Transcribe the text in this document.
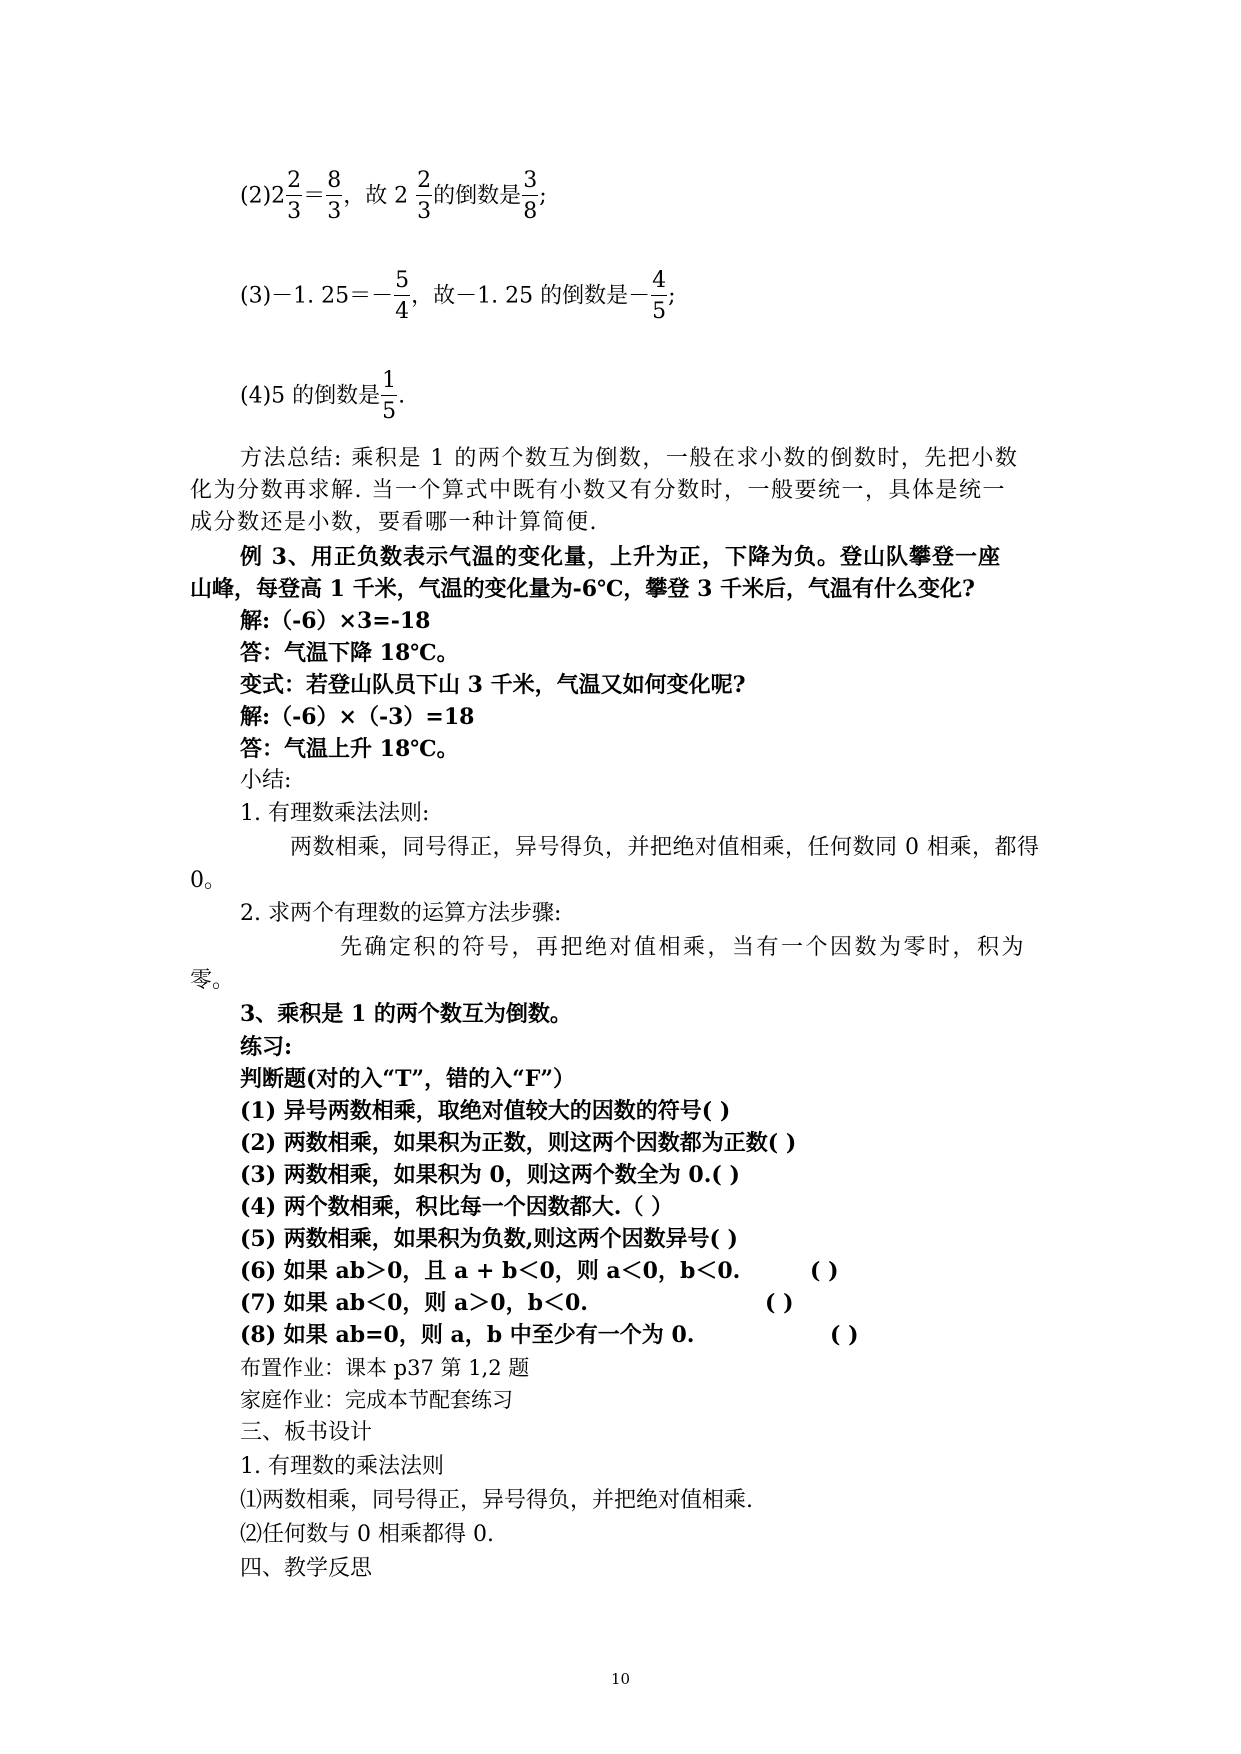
$(2)2 \frac{2}{3} = \frac{8}{3}$ ，故 $2 \frac{2}{3}$ 的倒数是 $\frac{3}{8}$ ;
(3)－1. $25=- \frac{5}{4}$ ，故－1. 25 的倒数是－ $\frac{4}{5}$ ;
(4)5 的倒数是 $\frac{1}{5}$ .
方法总结: 乘积是 1 的两个数互为倒数，一般在求小数的倒数时，先把小数
化为分数再求解. 当一个算式中既有小数又有分数时，一般要统一，具体是统一
成分数还是小数，要看哪一种计算简便.
例 3、用正负数表示气温的变化量，上升为正，下降为负。登山队攀登一座
山峰，每登高 1 千米，气温的变化量为-6℃，攀登 3 千米后，气温有什么变化?
解:（-6）×3=-18
答：气温下降 18℃。
变式：若登山队员下山 3 千米，气温又如何变化呢?
解:（-6）×（-3）=18
答：气温上升 18℃。
小结:
1. 有理数乘法法则:
两数相乘，同号得正，异号得负，并把绝对值相乘，任何数同 0 相乘，都得
0。
2. 求两个有理数的运算方法步骤:
先确定积的符号，再把绝对值相乘，当有一个因数为零时，积为
零。
3、乘积是 1 的两个数互为倒数。
练习:
判断题(对的入“T”，错的入“F”）
(1) 异号两数相乘，取绝对值较大的因数的符号( )
(2) 两数相乘，如果积为正数，则这两个因数都为正数( )
(3) 两数相乘，如果积为 0，则这两个数全为 0.( )
(4) 两个数相乘，积比每一个因数都大.（ ）
(5) 两数相乘，如果积为负数,则这两个因数异号( )
(6) 如果 ab＞0，且 a + b＜0，则 a＜0，b＜0.	( )
(7) 如果 ab＜0，则 a＞0，b＜0.	( )
(8) 如果 ab=0，则 a，b 中至少有一个为 0.	( )
布置作业：课本 p37 第 1,2 题
家庭作业：完成本节配套练习
三、板书设计
1. 有理数的乘法法则
⑴两数相乘，同号得正，异号得负，并把绝对值相乘.
⑵任何数与 0 相乘都得 0.
四、教学反思
10
